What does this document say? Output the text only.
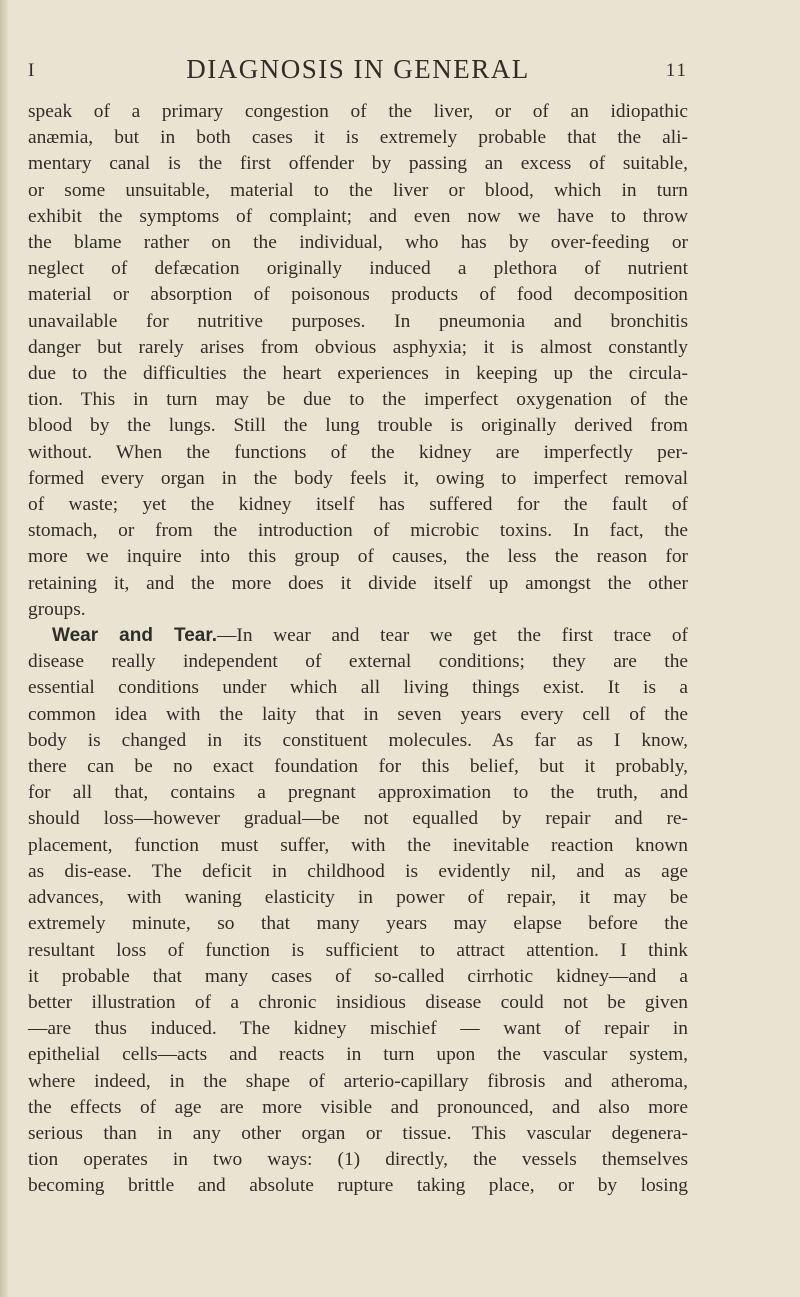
I	DIAGNOSIS IN GENERAL	11
speak of a primary congestion of the liver, or of an idiopathic
anæmia, but in both cases it is extremely probable that the ali-
mentary canal is the first offender by passing an excess of suitable,
or some unsuitable, material to the liver or blood, which in turn
exhibit the symptoms of complaint; and even now we have to throw
the blame rather on the individual, who has by over-feeding or
neglect of defæcation originally induced a plethora of nutrient
material or absorption of poisonous products of food decomposition
unavailable for nutritive purposes. In pneumonia and bronchitis
danger but rarely arises from obvious asphyxia; it is almost constantly
due to the difficulties the heart experiences in keeping up the circula-
tion. This in turn may be due to the imperfect oxygenation of the
blood by the lungs. Still the lung trouble is originally derived from
without. When the functions of the kidney are imperfectly per-
formed every organ in the body feels it, owing to imperfect removal
of waste; yet the kidney itself has suffered for the fault of
stomach, or from the introduction of microbic toxins. In fact, the
more we inquire into this group of causes, the less the reason for
retaining it, and the more does it divide itself up amongst the other
groups.
Wear and Tear.—In wear and tear we get the first trace of
disease really independent of external conditions; they are the
essential conditions under which all living things exist. It is a
common idea with the laity that in seven years every cell of the
body is changed in its constituent molecules. As far as I know,
there can be no exact foundation for this belief, but it probably,
for all that, contains a pregnant approximation to the truth, and
should loss—however gradual—be not equalled by repair and re-
placement, function must suffer, with the inevitable reaction known
as dis-ease. The deficit in childhood is evidently nil, and as age
advances, with waning elasticity in power of repair, it may be
extremely minute, so that many years may elapse before the
resultant loss of function is sufficient to attract attention. I think
it probable that many cases of so-called cirrhotic kidney—and a
better illustration of a chronic insidious disease could not be given
—are thus induced. The kidney mischief — want of repair in
epithelial cells—acts and reacts in turn upon the vascular system,
where indeed, in the shape of arterio-capillary fibrosis and atheroma,
the effects of age are more visible and pronounced, and also more
serious than in any other organ or tissue. This vascular degenera-
tion operates in two ways: (1) directly, the vessels themselves
becoming brittle and absolute rupture taking place, or by losing
